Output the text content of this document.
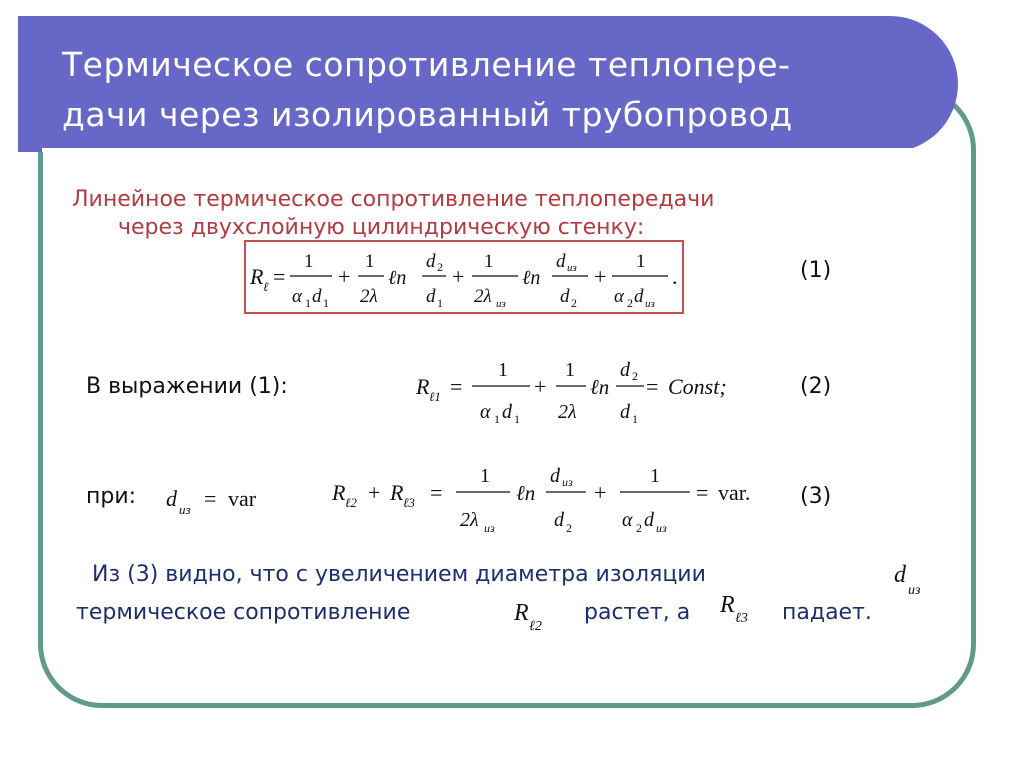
Термическое сопротивление теплопере-
дачи через изолированный трубопровод
Линейное термическое сопротивление теплопередачи
через двухслойную цилиндрическую стенку:
R ℓ =
1
α 1 d 1
+
1
2λ
ℓn
d 2
d 1
+
1
2λ из
ℓn
d из
d 2
+
1
α 2 d из
.	(1)
В выражении (1):	R ℓ1 =
1
α 1 d 1
+
1
2λ
ℓn
d 2
d 1
= Const;	(2)
при: d из = var	R ℓ2 + R ℓ3 =
1
2λ из
ℓn
d из
d 2
+
1
α 2 d из
= var. (3)
Из (3) видно, что с увеличением диаметра изоляции	d
из
термическое сопротивление	R
ℓ2
растет, а R
ℓ3 падает.
